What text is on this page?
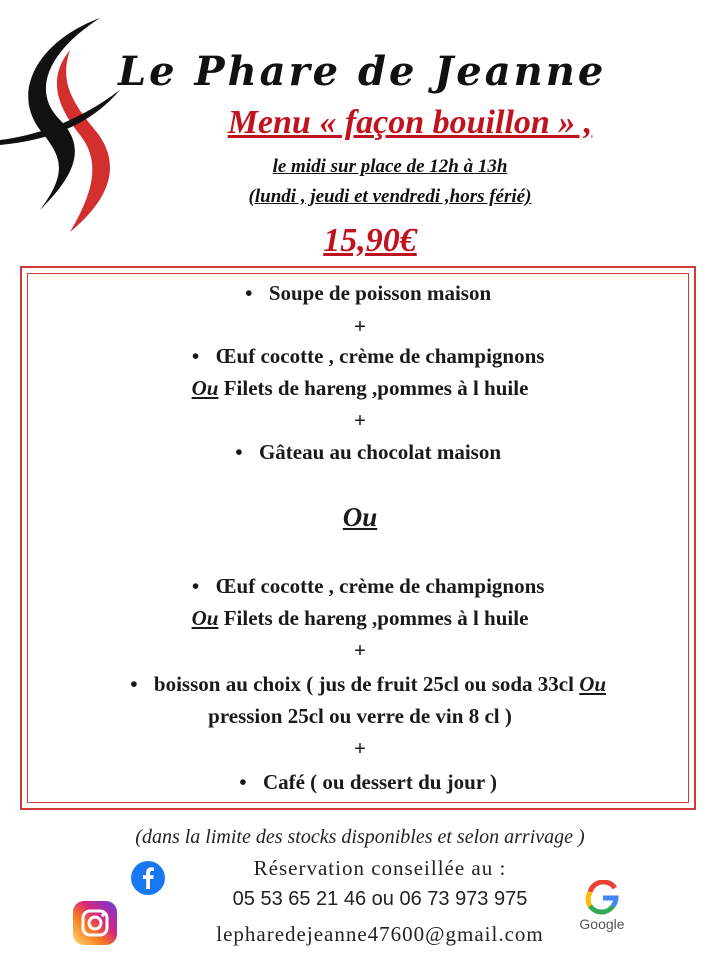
Le Phare de Jeanne
Menu « façon bouillon » ,
le midi sur place de 12h à 13h
(lundi , jeudi et vendredi ,hors férié)
15,90€
• Soupe de poisson maison
+
• Œuf cocotte , crème de champignons
Ou Filets de hareng ,pommes à l huile
+
• Gâteau au chocolat maison
Ou
• Œuf cocotte , crème de champignons
Ou Filets de hareng ,pommes à l huile
+
• boisson au choix ( jus de fruit 25cl ou soda 33cl Ou
pression 25cl ou verre de vin 8 cl )
+
• Café ( ou dessert du jour )
(dans la limite des stocks disponibles et selon arrivage )
Réservation conseillée au :
05 53 65 21 46 ou 06 73 973 975
lepharedejeanne47600@gmail.com	Google
